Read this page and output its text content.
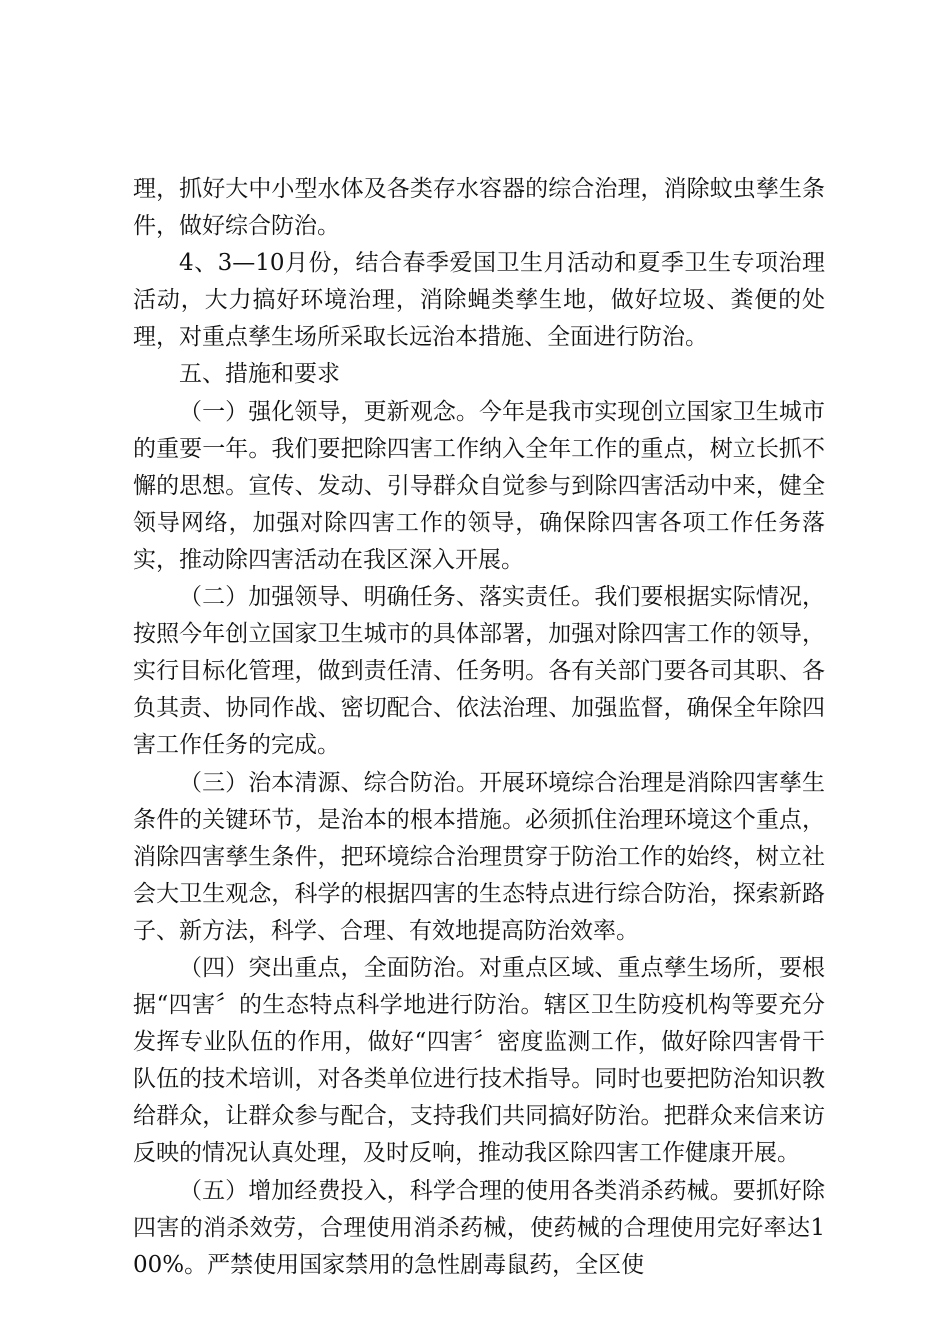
理，抓好大中小型水体及各类存水容器的综合治理，消除蚊虫孳生条件，做好综合防治。

4、3—10月份，结合春季爱国卫生月活动和夏季卫生专项治理活动，大力搞好环境治理，消除蝇类孳生地，做好垃圾、粪便的处理，对重点孳生场所采取长远治本措施、全面进行防治。

五、措施和要求

（一）强化领导，更新观念。今年是我市实现创立国家卫生城市的重要一年。我们要把除四害工作纳入全年工作的重点，树立长抓不懈的思想。宣传、发动、引导群众自觉参与到除四害活动中来，健全领导网络，加强对除四害工作的领导，确保除四害各项工作任务落实，推动除四害活动在我区深入开展。

（二）加强领导、明确任务、落实责任。我们要根据实际情况，按照今年创立国家卫生城市的具体部署，加强对除四害工作的领导，实行目标化管理，做到责任清、任务明。各有关部门要各司其职、各负其责、协同作战、密切配合、依法治理、加强监督，确保全年除四害工作任务的完成。

（三）治本清源、综合防治。开展环境综合治理是消除四害孳生条件的关键环节，是治本的根本措施。必须抓住治理环境这个重点，消除四害孳生条件，把环境综合治理贯穿于防治工作的始终，树立社会大卫生观念，科学的根据四害的生态特点进行综合防治，探索新路子、新方法，科学、合理、有效地提高防治效率。

（四）突出重点，全面防治。对重点区域、重点孳生场所，要根据“四害〞的生态特点科学地进行防治。辖区卫生防疫机构等要充分发挥专业队伍的作用，做好“四害〞密度监测工作，做好除四害骨干队伍的技术培训，对各类单位进行技术指导。同时也要把防治知识教给群众，让群众参与配合，支持我们共同搞好防治。把群众来信来访反映的情况认真处理，及时反响，推动我区除四害工作健康开展。

（五）增加经费投入，科学合理的使用各类消杀药械。要抓好除四害的消杀效劳，合理使用消杀药械，使药械的合理使用完好率达100%。严禁使用国家禁用的急性剧毒鼠药，全区使
